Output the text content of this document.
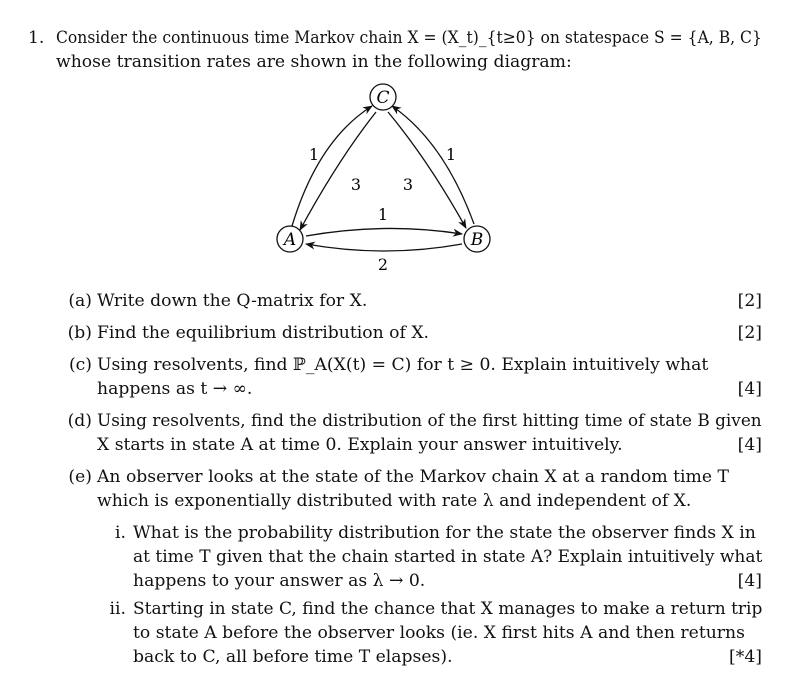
1. Consider the continuous time Markov chain X = (X_t)_{t≥0} on statespace S = {A, B, C}
whose transition rates are shown in the following diagram:
C
A	B
1
3	3
1
1
2
(a) Write down the Q-matrix for X.	[2]
(b) Find the equilibrium distribution of X.	[2]
(c) Using resolvents, find ℙ_A(X(t) = C) for t ≥ 0. Explain intuitively what
happens as t → ∞.	[4]
(d) Using resolvents, find the distribution of the first hitting time of state B given
X starts in state A at time 0. Explain your answer intuitively.	[4]
(e) An observer looks at the state of the Markov chain X at a random time T
which is exponentially distributed with rate λ and independent of X.
i. What is the probability distribution for the state the observer finds X in
at time T given that the chain started in state A? Explain intuitively what
happens to your answer as λ → 0.	[4]
ii. Starting in state C, find the chance that X manages to make a return trip
to state A before the observer looks (ie. X first hits A and then returns
back to C, all before time T elapses).	[*4]
